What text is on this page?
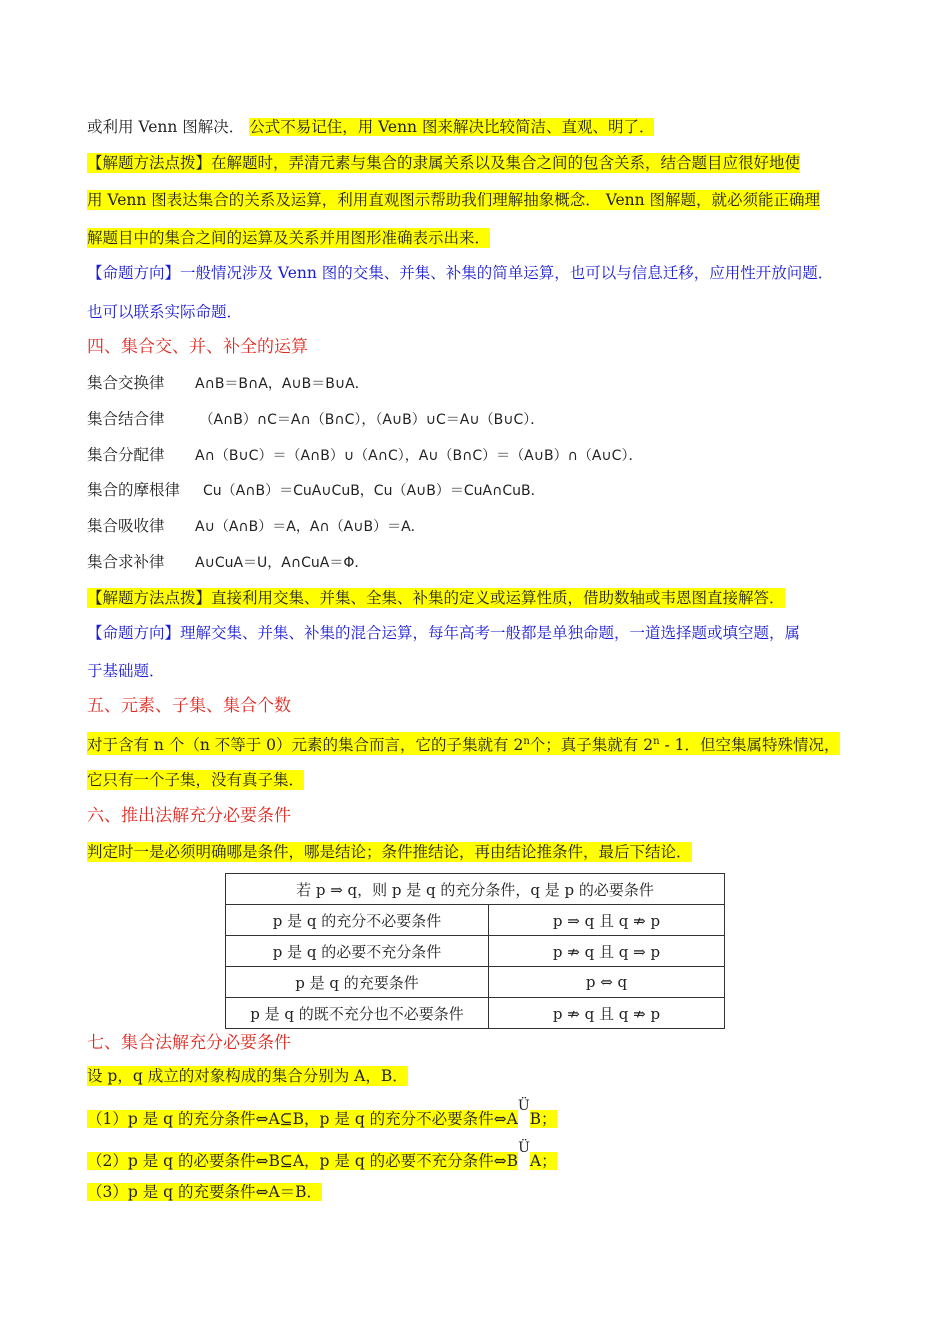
或利用 Venn 图解决． 公式不易记住，用 Venn 图来解决比较简洁、直观、明了．
【解题方法点拨】在解题时，弄清元素与集合的隶属关系以及集合之间的包含关系，结合题目应很好地使
用 Venn 图表达集合的关系及运算，利用直观图示帮助我们理解抽象概念． Venn 图解题，就必须能正确理
解题目中的集合之间的运算及关系并用图形准确表示出来．
【命题方向】一般情况涉及 Venn 图的交集、并集、补集的简单运算，也可以与信息迁移，应用性开放问题．
也可以联系实际命题．
四、集合交、并、补全的运算
集合交换律 A∩B＝B∩A，A∪B＝B∪A．
集合结合律 （A∩B）∩C＝A∩（B∩C），（A∪B）∪C＝A∪（B∪C）．
集合分配律 A∩（B∪C）＝（A∩B）∪（A∩C），A∪（B∩C）＝（A∪B）∩（A∪C）．
集合的摩根律 Cu（A∩B）＝CuA∪CuB，Cu（A∪B）＝CuA∩CuB．
集合吸收律 A∪（A∩B）＝A，A∩（A∪B）＝A．
集合求补律 A∪CuA＝U，A∩CuA＝Φ．
【解题方法点拨】直接利用交集、并集、全集、补集的定义或运算性质，借助数轴或韦恩图直接解答．
【命题方向】理解交集、并集、补集的混合运算，每年高考一般都是单独命题，一道选择题或填空题，属
于基础题．
五、元素、子集、集合个数
对于含有 n 个（n 不等于 0）元素的集合而言，它的子集就有 2$^n$个；真子集就有 2$^n$ - 1．但空集属特殊情况，
它只有一个子集，没有真子集．
六、推出法解充分必要条件
判定时一是必须明确哪是条件，哪是结论；条件推结论，再由结论推条件，最后下结论．
若 p ⇒ q，则 p 是 q 的充分条件，q 是 p 的必要条件	
p 是 q 的充分不必要条件	p ⇒ q 且 q ⇏ p
p 是 q 的必要不充分条件	p ⇏ q 且 q ⇒ p
p 是 q 的充要条件	p ⇔ q
p 是 q 的既不充分也不必要条件	p ⇏ q 且 q ⇏ p
七、集合法解充分必要条件
设 p，q 成立的对象构成的集合分别为 A，B．
（1）p 是 q 的充分条件⇔A⊆B，p 是 q 的充分不必要条件⇔AÜB；
（2）p 是 q 的必要条件⇔B⊆A，p 是 q 的必要不充分条件⇔BÜA；
（3）p 是 q 的充要条件⇔A＝B．
